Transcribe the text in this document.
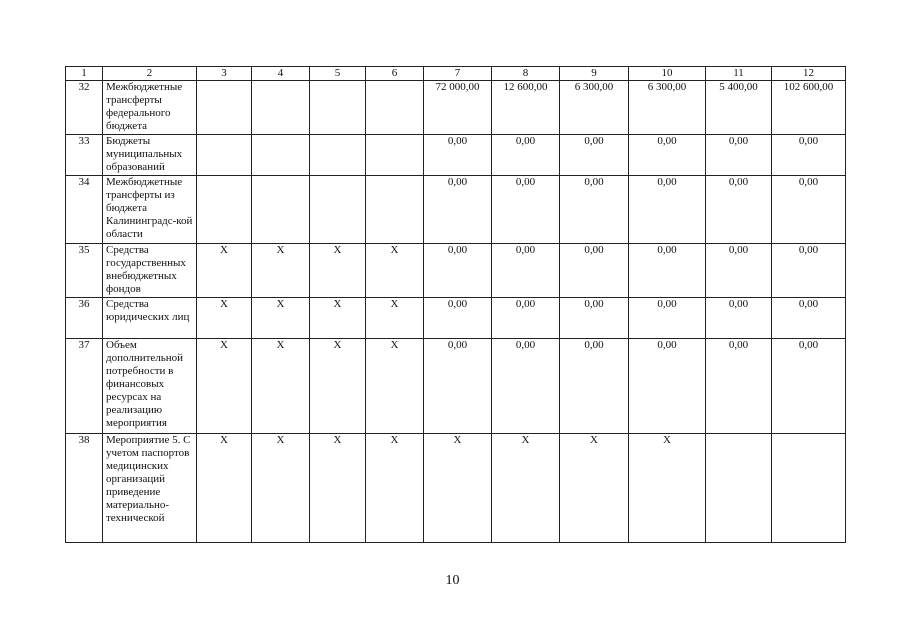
1	2	3	4	5	6	7	8	9	10	11	12
32	Межбюджетные трансферты федерального бюджета					72 000,00	12 600,00	6 300,00	6 300,00	5 400,00	102 600,00
33	Бюджеты муниципальных образований					0,00	0,00	0,00	0,00	0,00	0,00
34	Межбюджетные трансферты из бюджета Калининградс-кой области					0,00	0,00	0,00	0,00	0,00	0,00
35	Средства государственных внебюджетных фондов	Х	Х	Х	Х	0,00	0,00	0,00	0,00	0,00	0,00
36	Средства юридических лиц	Х	Х	Х	Х	0,00	0,00	0,00	0,00	0,00	0,00
37	Объем дополнительной потребности в финансовых ресурсах на реализацию мероприятия	Х	Х	Х	Х	0,00	0,00	0,00	0,00	0,00	0,00
38	Мероприятие 5. С учетом паспортов медицинских организаций приведение материально-технической	Х	Х	Х	Х	Х	Х	Х	Х		
10
